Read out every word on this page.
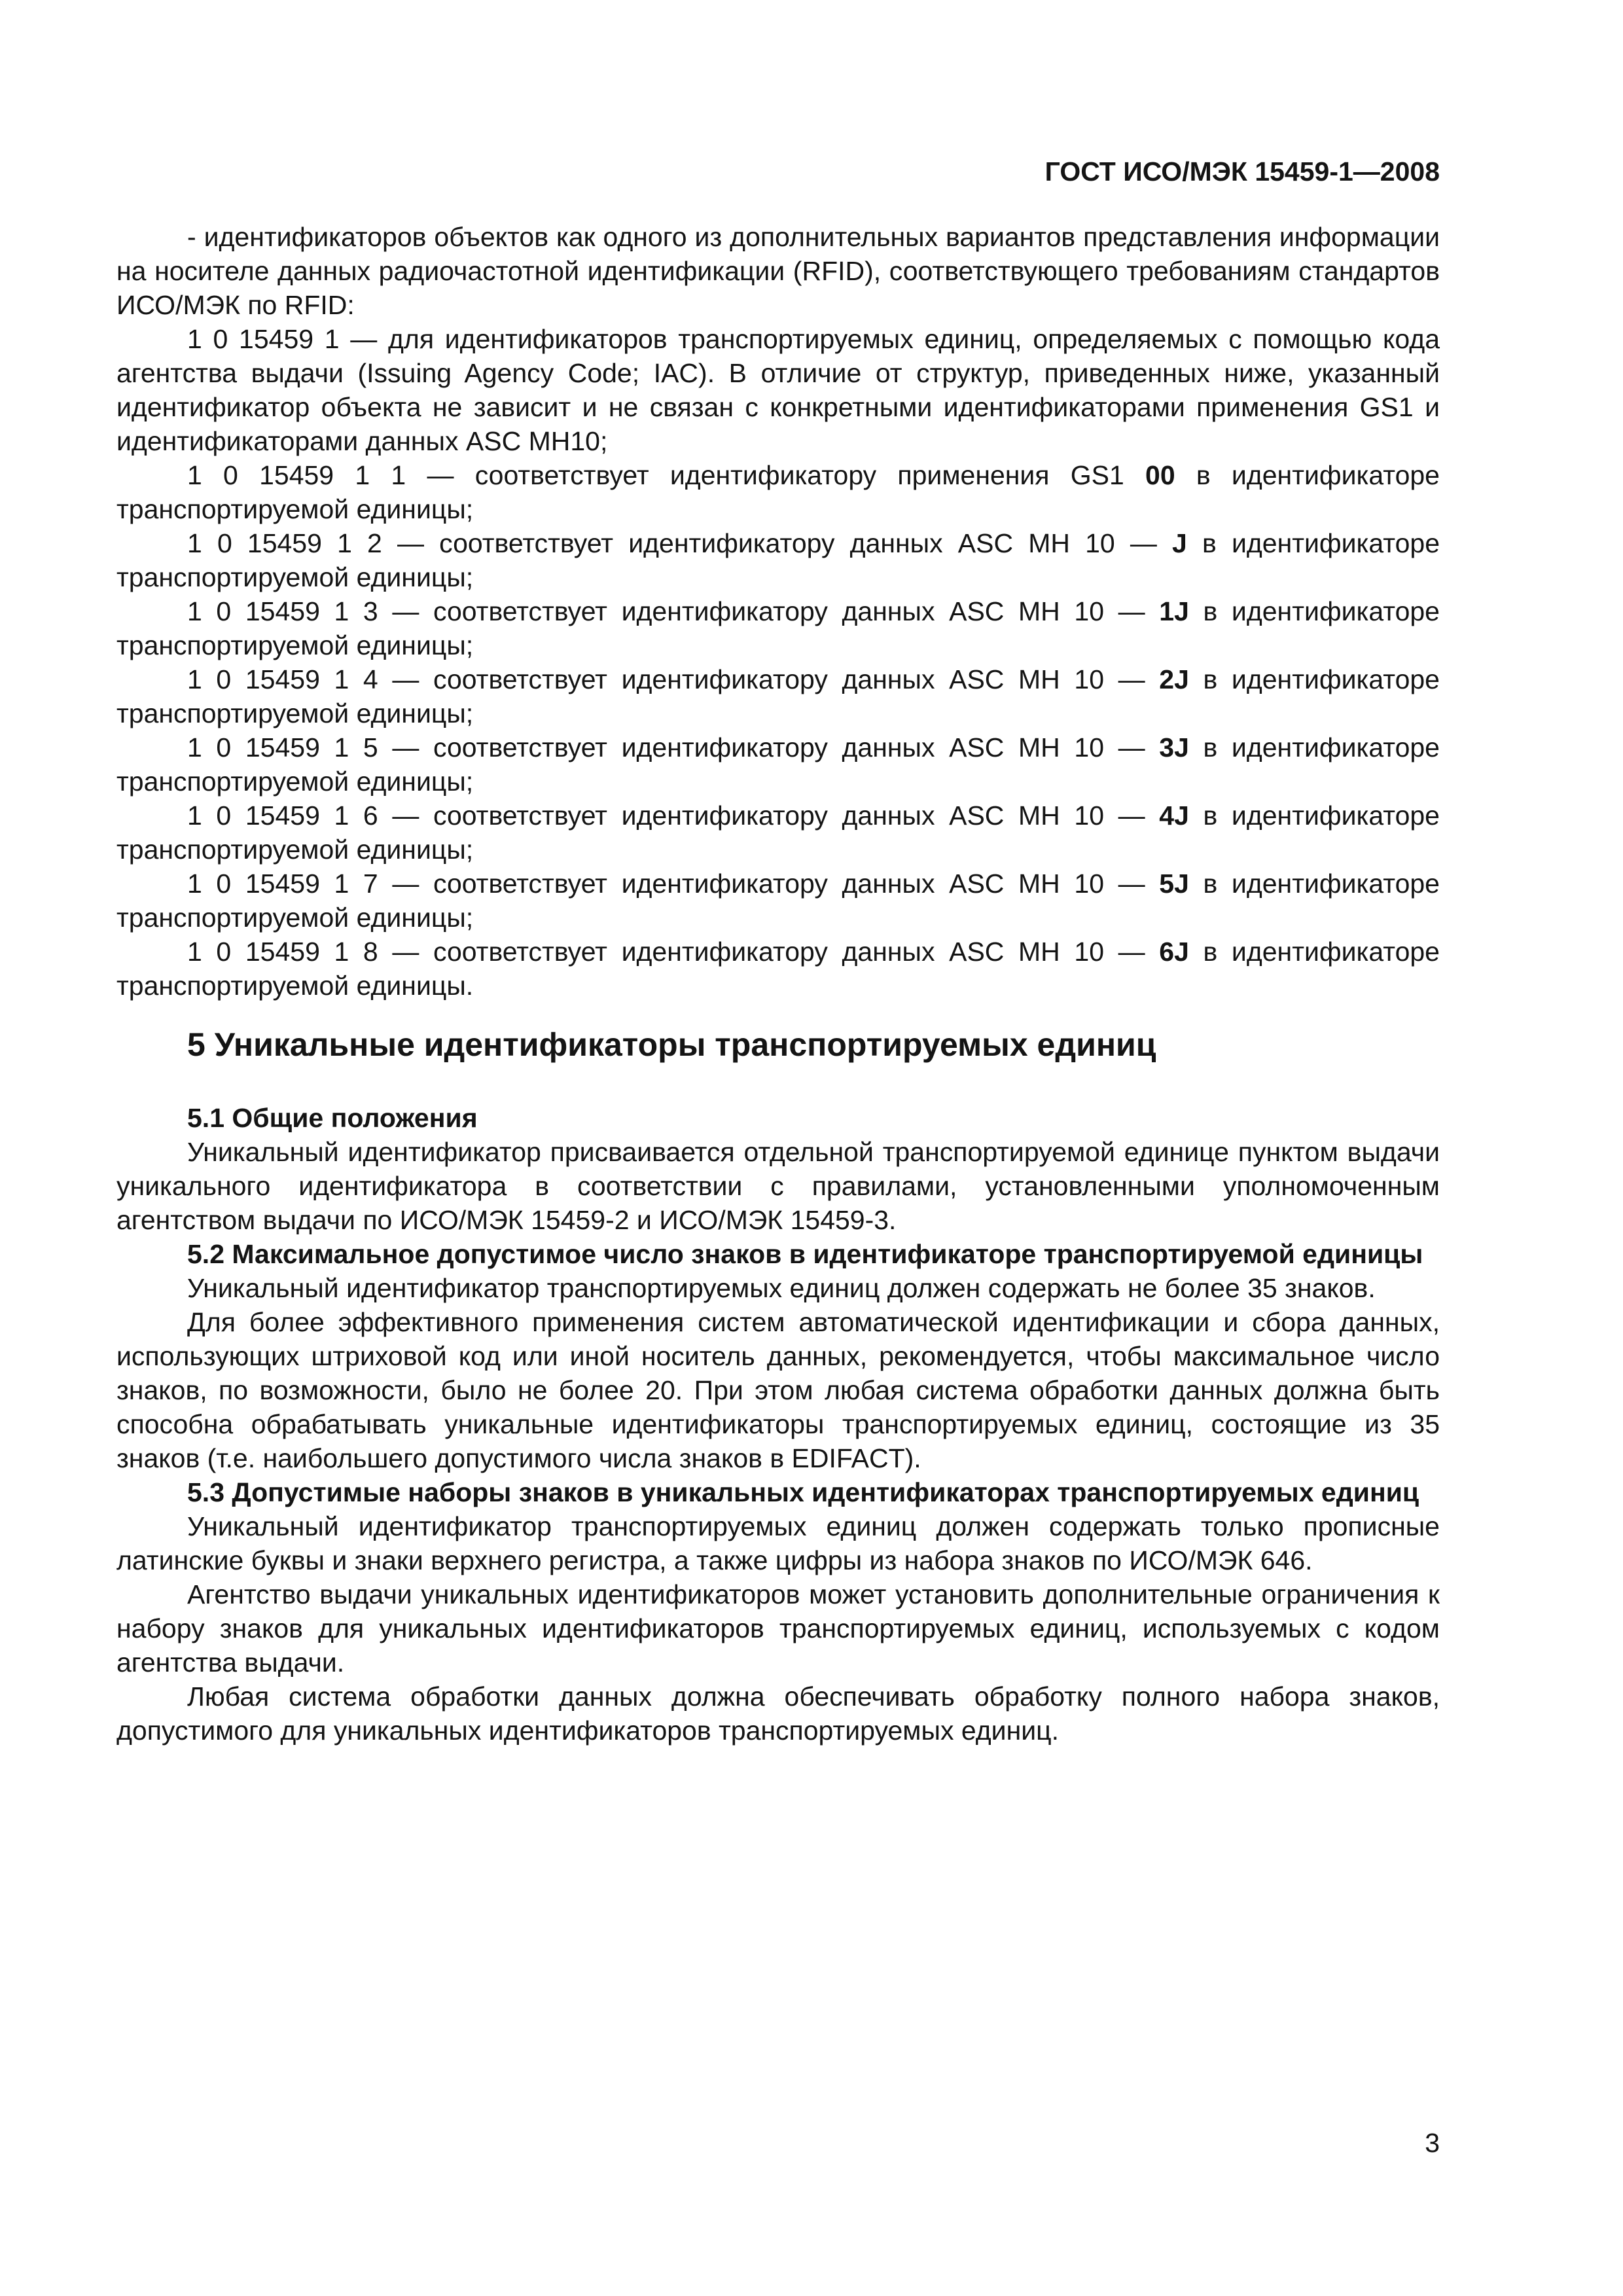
ГОСТ ИСО/МЭК 15459-1—2008

- идентификаторов объектов как одного из дополнительных вариантов представления информации на носителе данных радиочастотной идентификации (RFID), соответствующего требованиям стандартов ИСО/МЭК по RFID:

1 0 15459 1 — для идентификаторов транспортируемых единиц, определяемых с помощью кода агентства выдачи (Issuing Agency Code; IAC). В отличие от структур, приведенных ниже, указанный идентификатор объекта не зависит и не связан с конкретными идентификаторами применения GS1 и идентификаторами данных ASC MH10;

1 0 15459 1 1 — соответствует идентификатору применения GS1 00 в идентификаторе транспортируемой единицы;

1 0 15459 1 2 — соответствует идентификатору данных ASC MH 10 — J в идентификаторе транспортируемой единицы;

1 0 15459 1 3 — соответствует идентификатору данных ASC MH 10 — 1J в идентификаторе транспортируемой единицы;

1 0 15459 1 4 — соответствует идентификатору данных ASC MH 10 — 2J в идентификаторе транспортируемой единицы;

1 0 15459 1 5 — соответствует идентификатору данных ASC MH 10 — 3J в идентификаторе транспортируемой единицы;

1 0 15459 1 6 — соответствует идентификатору данных ASC MH 10 — 4J в идентификаторе транспортируемой единицы;

1 0 15459 1 7 — соответствует идентификатору данных ASC MH 10 — 5J в идентификаторе транспортируемой единицы;

1 0 15459 1 8 — соответствует идентификатору данных ASC MH 10 — 6J в идентификаторе транспортируемой единицы.

5 Уникальные идентификаторы транспортируемых единиц

5.1 Общие положения

Уникальный идентификатор присваивается отдельной транспортируемой единице пунктом выдачи уникального идентификатора в соответствии с правилами, установленными уполномоченным агентством выдачи по ИСО/МЭК 15459-2 и ИСО/МЭК 15459-3.

5.2 Максимальное допустимое число знаков в идентификаторе транспортируемой единицы

Уникальный идентификатор транспортируемых единиц должен содержать не более 35 знаков.

Для более эффективного применения систем автоматической идентификации и сбора данных, использующих штриховой код или иной носитель данных, рекомендуется, чтобы максимальное число знаков, по возможности, было не более 20. При этом любая система обработки данных должна быть способна обрабатывать уникальные идентификаторы транспортируемых единиц, состоящие из 35 знаков (т.е. наибольшего допустимого числа знаков в EDIFACT).

5.3 Допустимые наборы знаков в уникальных идентификаторах транспортируемых единиц

Уникальный идентификатор транспортируемых единиц должен содержать только прописные латинские буквы и знаки верхнего регистра, а также цифры из набора знаков по ИСО/МЭК 646.

Агентство выдачи уникальных идентификаторов может установить дополнительные ограничения к набору знаков для уникальных идентификаторов транспортируемых единиц, используемых с кодом агентства выдачи.

Любая система обработки данных должна обеспечивать обработку полного набора знаков, допустимого для уникальных идентификаторов транспортируемых единиц.

3
